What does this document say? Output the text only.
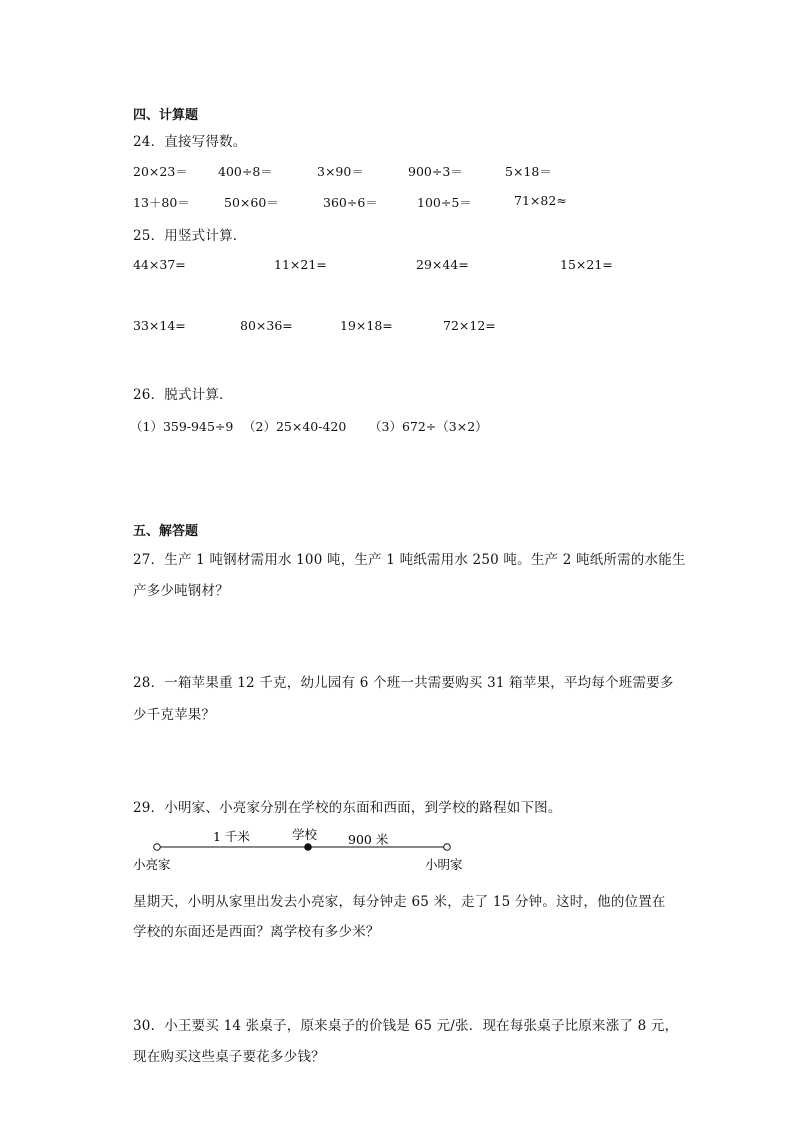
四、计算题
24．直接写得数。
20×23＝ 400÷8＝	3×90＝	900÷3＝	5×18＝
13＋80＝	50×60＝	360÷6＝	100÷5＝	71×82≈
25．用竖式计算．
44×37=	11×21=	29×44=	15×21=
33×14=	80×36=	19×18=	72×12=
26．脱式计算．
（1）359-945÷9 （2）25×40-420 （3）672÷（3×2）
五、解答题
27．生产 1 吨钢材需用水 100 吨，生产 1 吨纸需用水 250 吨。生产 2 吨纸所需的水能生
产多少吨钢材？
28．一箱苹果重 12 千克，幼儿园有 6 个班一共需要购买 31 箱苹果，平均每个班需要多
少千克苹果？
29．小明家、小亮家分别在学校的东面和西面，到学校的路程如下图。
1 千米	学校 900 米
小亮家	小明家
星期天，小明从家里出发去小亮家，每分钟走 65 米，走了 15 分钟。这时，他的位置在
学校的东面还是西面？离学校有多少米？
30．小王要买 14 张桌子，原来桌子的价钱是 65 元/张．现在每张桌子比原来涨了 8 元，
现在购买这些桌子要花多少钱？
